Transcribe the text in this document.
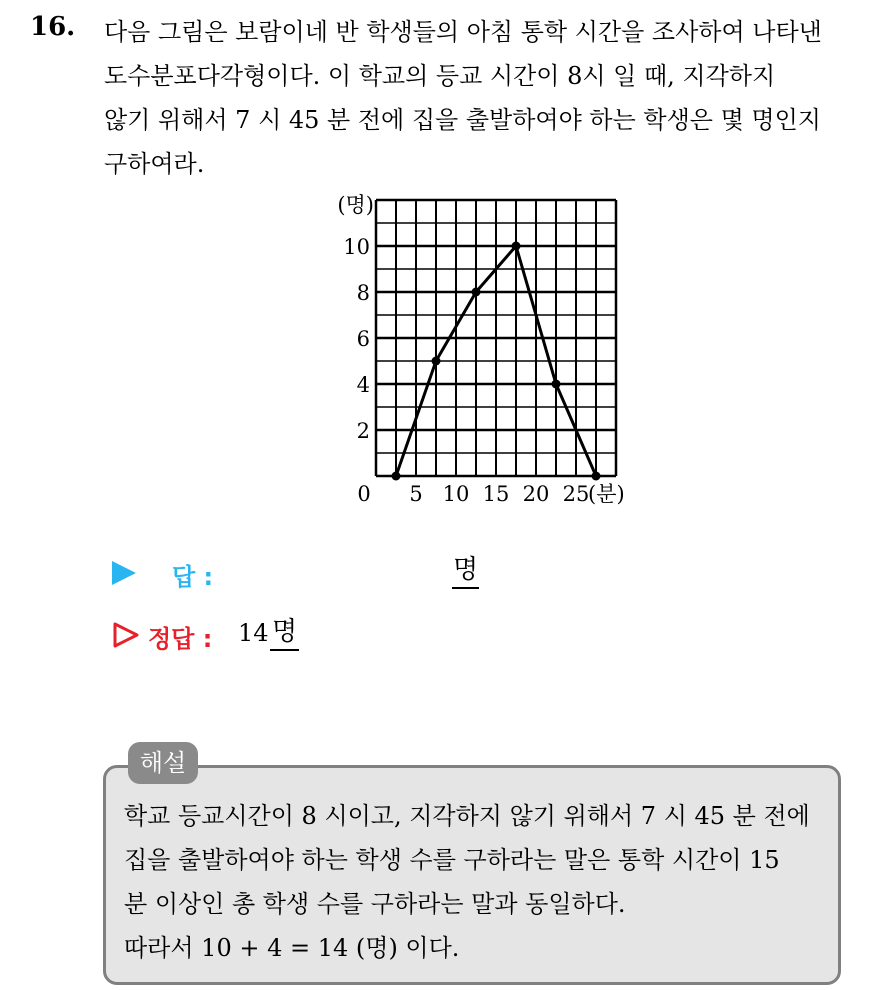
16. 다음 그림은 보람이네 반 학생들의 아침 통학 시간을 조사하여 나타낸
도수분포다각형이다. 이 학교의 등교 시간이 8시 일 때, 지각하지
않기 위해서 7 시 45 분 전에 집을 출발하여야 하는 학생은 몇 명인지
구하여라.

2
4
6
8
10
(명)
0 5 10 15 20 25
(분)
답 :	명
정답 : 14 명
해설

학교 등교시간이 8 시이고, 지각하지 않기 위해서 7 시 45 분 전에
집을 출발하여야 하는 학생 수를 구하라는 말은 통학 시간이 15
분 이상인 총 학생 수를 구하라는 말과 동일하다.
따라서 10 + 4 = 14 (명) 이다.
